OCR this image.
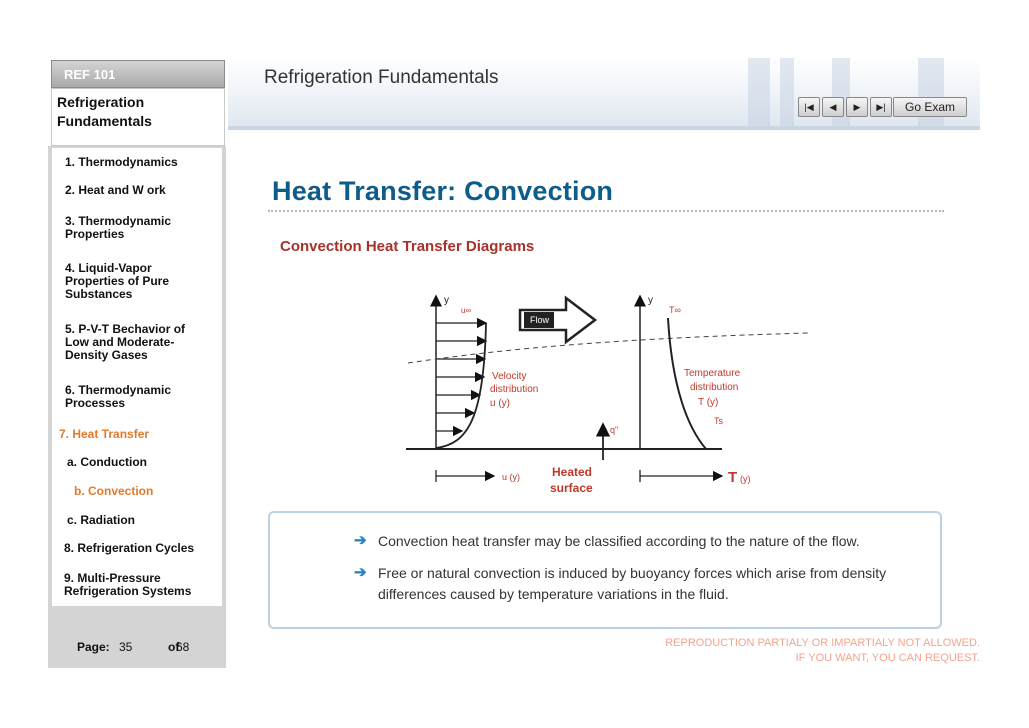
REF 101
Refrigeration
Fundamentals
1. Thermodynamics
2. Heat and W ork
3. Thermodynamic
Properties
4. Liquid-Vapor
Properties of Pure
Substances
5. P-V-T Bechavior of
Low and Moderate-
Density Gases
6. Thermodynamic
Processes
7. Heat Transfer
a. Conduction
b. Convection
c. Radiation
8. Refrigeration Cycles
9. Multi-Pressure
Refrigeration Systems
Page: 35	of
68
Refrigeration Fundamentals
|◀	◀	▶	▶|	Go Exam
Heat Transfer: Convection
Convection Heat Transfer Diagrams
y
u∞
Flow
Velocity
distribution
u (y)
q"
Heated
surface
u (y)
y
T∞
Temperature
distribution
T (y)
Ts
T (y)
➔ Convection heat transfer may be classified according to the nature of the flow.
➔ Free or natural convection is induced by buoyancy forces which arise from density
differences caused by temperature variations in the fluid.
REPRODUCTION PARTIALY OR IMPARTIALY NOT ALLOWED.
IF YOU WANT, YOU CAN REQUEST.
